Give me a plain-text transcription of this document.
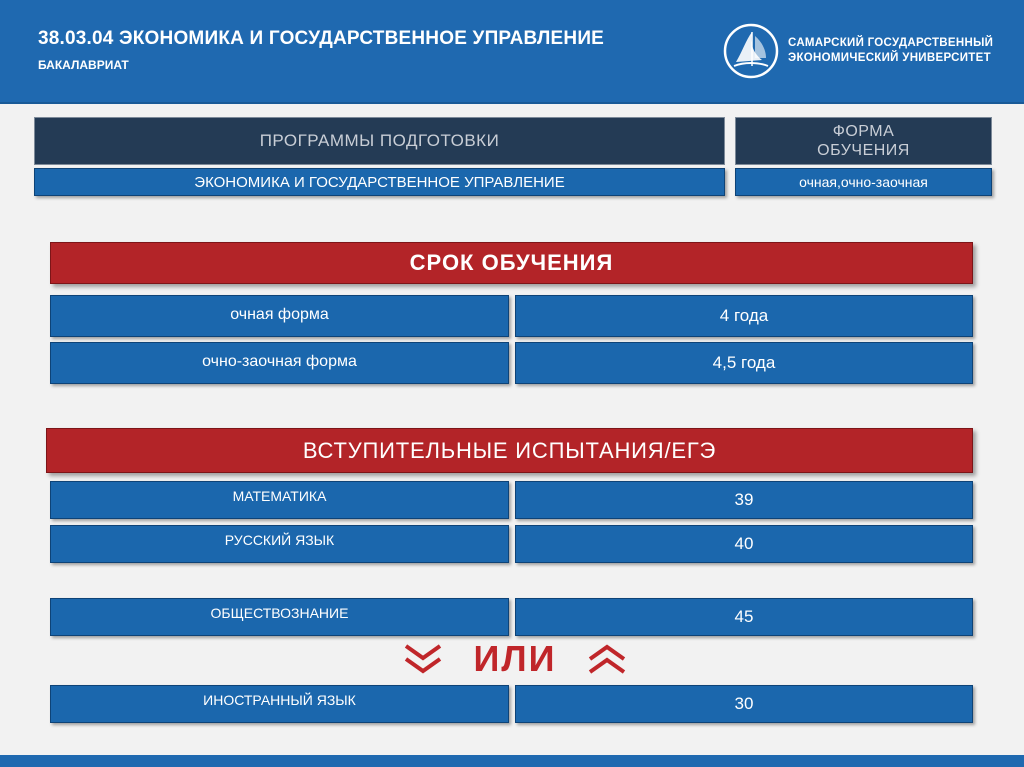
38.03.04 ЭКОНОМИКА И ГОСУДАРСТВЕННОЕ УПРАВЛЕНИЕ
БАКАЛАВРИАТ
САМАРСКИЙ ГОСУДАРСТВЕННЫЙ
ЭКОНОМИЧЕСКИЙ УНИВЕРСИТЕТ
ПРОГРАММЫ ПОДГОТОВКИ	ФОРМА ОБУЧЕНИЯ
ЭКОНОМИКА И ГОСУДАРСТВЕННОЕ УПРАВЛЕНИЕ	очная,очно-заочная
СРОК ОБУЧЕНИЯ
очная форма	4 года
очно-заочная форма	4,5 года
ВСТУПИТЕЛЬНЫЕ ИСПЫТАНИЯ/ЕГЭ
МАТЕМАТИКА	39
РУССКИЙ ЯЗЫК	40
ОБЩЕСТВОЗНАНИЕ	45
ИЛИ
ИНОСТРАННЫЙ ЯЗЫК	30
